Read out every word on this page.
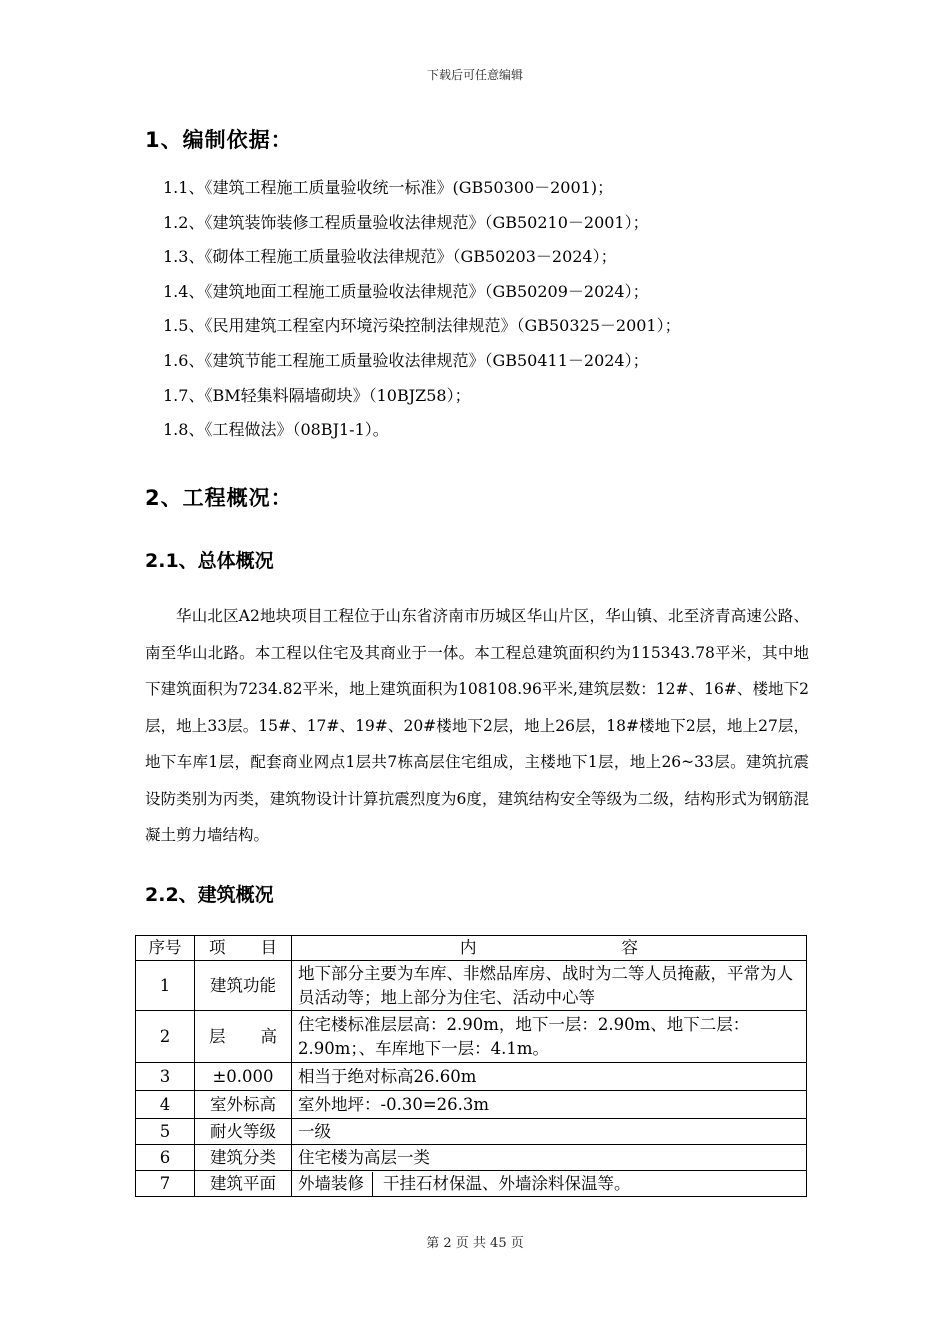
下载后可任意编辑
1、编制依据：
1.1、《建筑工程施工质量验收统一标准》(GB50300－2001)；
1.2、《建筑装饰装修工程质量验收法律规范》（GB50210－2001）；
1.3、《砌体工程施工质量验收法律规范》（GB50203－2024）；
1.4、《建筑地面工程施工质量验收法律规范》（GB50209－2024）；
1.5、《民用建筑工程室内环境污染控制法律规范》（GB50325－2001）；
1.6、《建筑节能工程施工质量验收法律规范》（GB50411－2024）；
1.7、《BM轻集料隔墙砌块》（10BJZ58）；
1.8、《工程做法》（08BJ1-1）。
2、工程概况：
2.1、总体概况

华山北区A2地块项目工程位于山东省济南市历城区华山片区，华山镇、北至济青高速公路、南至华山北路。本工程以住宅及其商业于一体。本工程总建筑面积约为115343.78平米，其中地下建筑面积为7234.82平米，地上建筑面积为108108.96平米,建筑层数：12#、16#、楼地下2层，地上33层。15#、17#、19#、20#楼地下2层，地上26层，18#楼地下2层，地上27层，地下车库1层，配套商业网点1层共7栋高层住宅组成，主楼地下1层，地上26~33层。建筑抗震设防类别为丙类，建筑物设计计算抗震烈度为6度，建筑结构安全等级为二级，结构形式为钢筋混凝土剪力墙结构。

2.2、建筑概况
序号	项 目	内 容

1	建筑功能	地下部分主要为车库、非燃品库房、战时为二等人员掩蔽，平常为人员活动等；地上部分为住宅、活动中心等
2	层 高	住宅楼标准层层高：2.90m，地下一层：2.90m、地下二层：2.90m；、车库地下一层：4.1m。
3	±0.000	相当于绝对标高26.60m
4	室外标高	室外地坪：-0.30=26.3m
5	耐火等级	一级
6	建筑分类	住宅楼为高层一类
7	建筑平面	外墙装修 干挂石材保温、外墙涂料保温等。
第 2 页 共 45 页
